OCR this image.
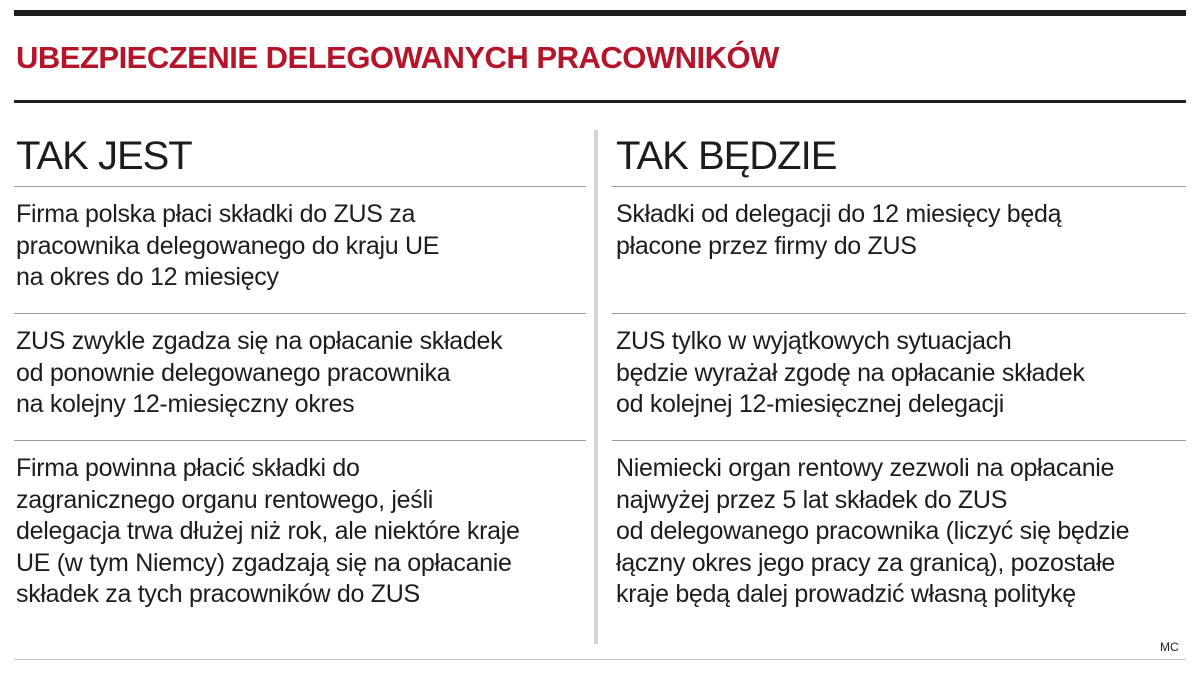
UBEZPIECZENIE DELEGOWANYCH PRACOWNIKÓW
TAK JEST
Firma polska płaci składki do ZUS za
pracownika delegowanego do kraju UE
na okres do 12 miesięcy
ZUS zwykle zgadza się na opłacanie składek
od ponownie delegowanego pracownika
na kolejny 12-miesięczny okres
Firma powinna płacić składki do
zagranicznego organu rentowego, jeśli
delegacja trwa dłużej niż rok, ale niektóre kraje
UE (w tym Niemcy) zgadzają się na opłacanie
składek za tych pracowników do ZUS
TAK BĘDZIE
Składki od delegacji do 12 miesięcy będą
płacone przez firmy do ZUS
ZUS tylko w wyjątkowych sytuacjach
będzie wyrażał zgodę na opłacanie składek
od kolejnej 12-miesięcznej delegacji
Niemiecki organ rentowy zezwoli na opłacanie
najwyżej przez 5 lat składek do ZUS
od delegowanego pracownika (liczyć się będzie
łączny okres jego pracy za granicą), pozostałe
kraje będą dalej prowadzić własną politykę
MC
